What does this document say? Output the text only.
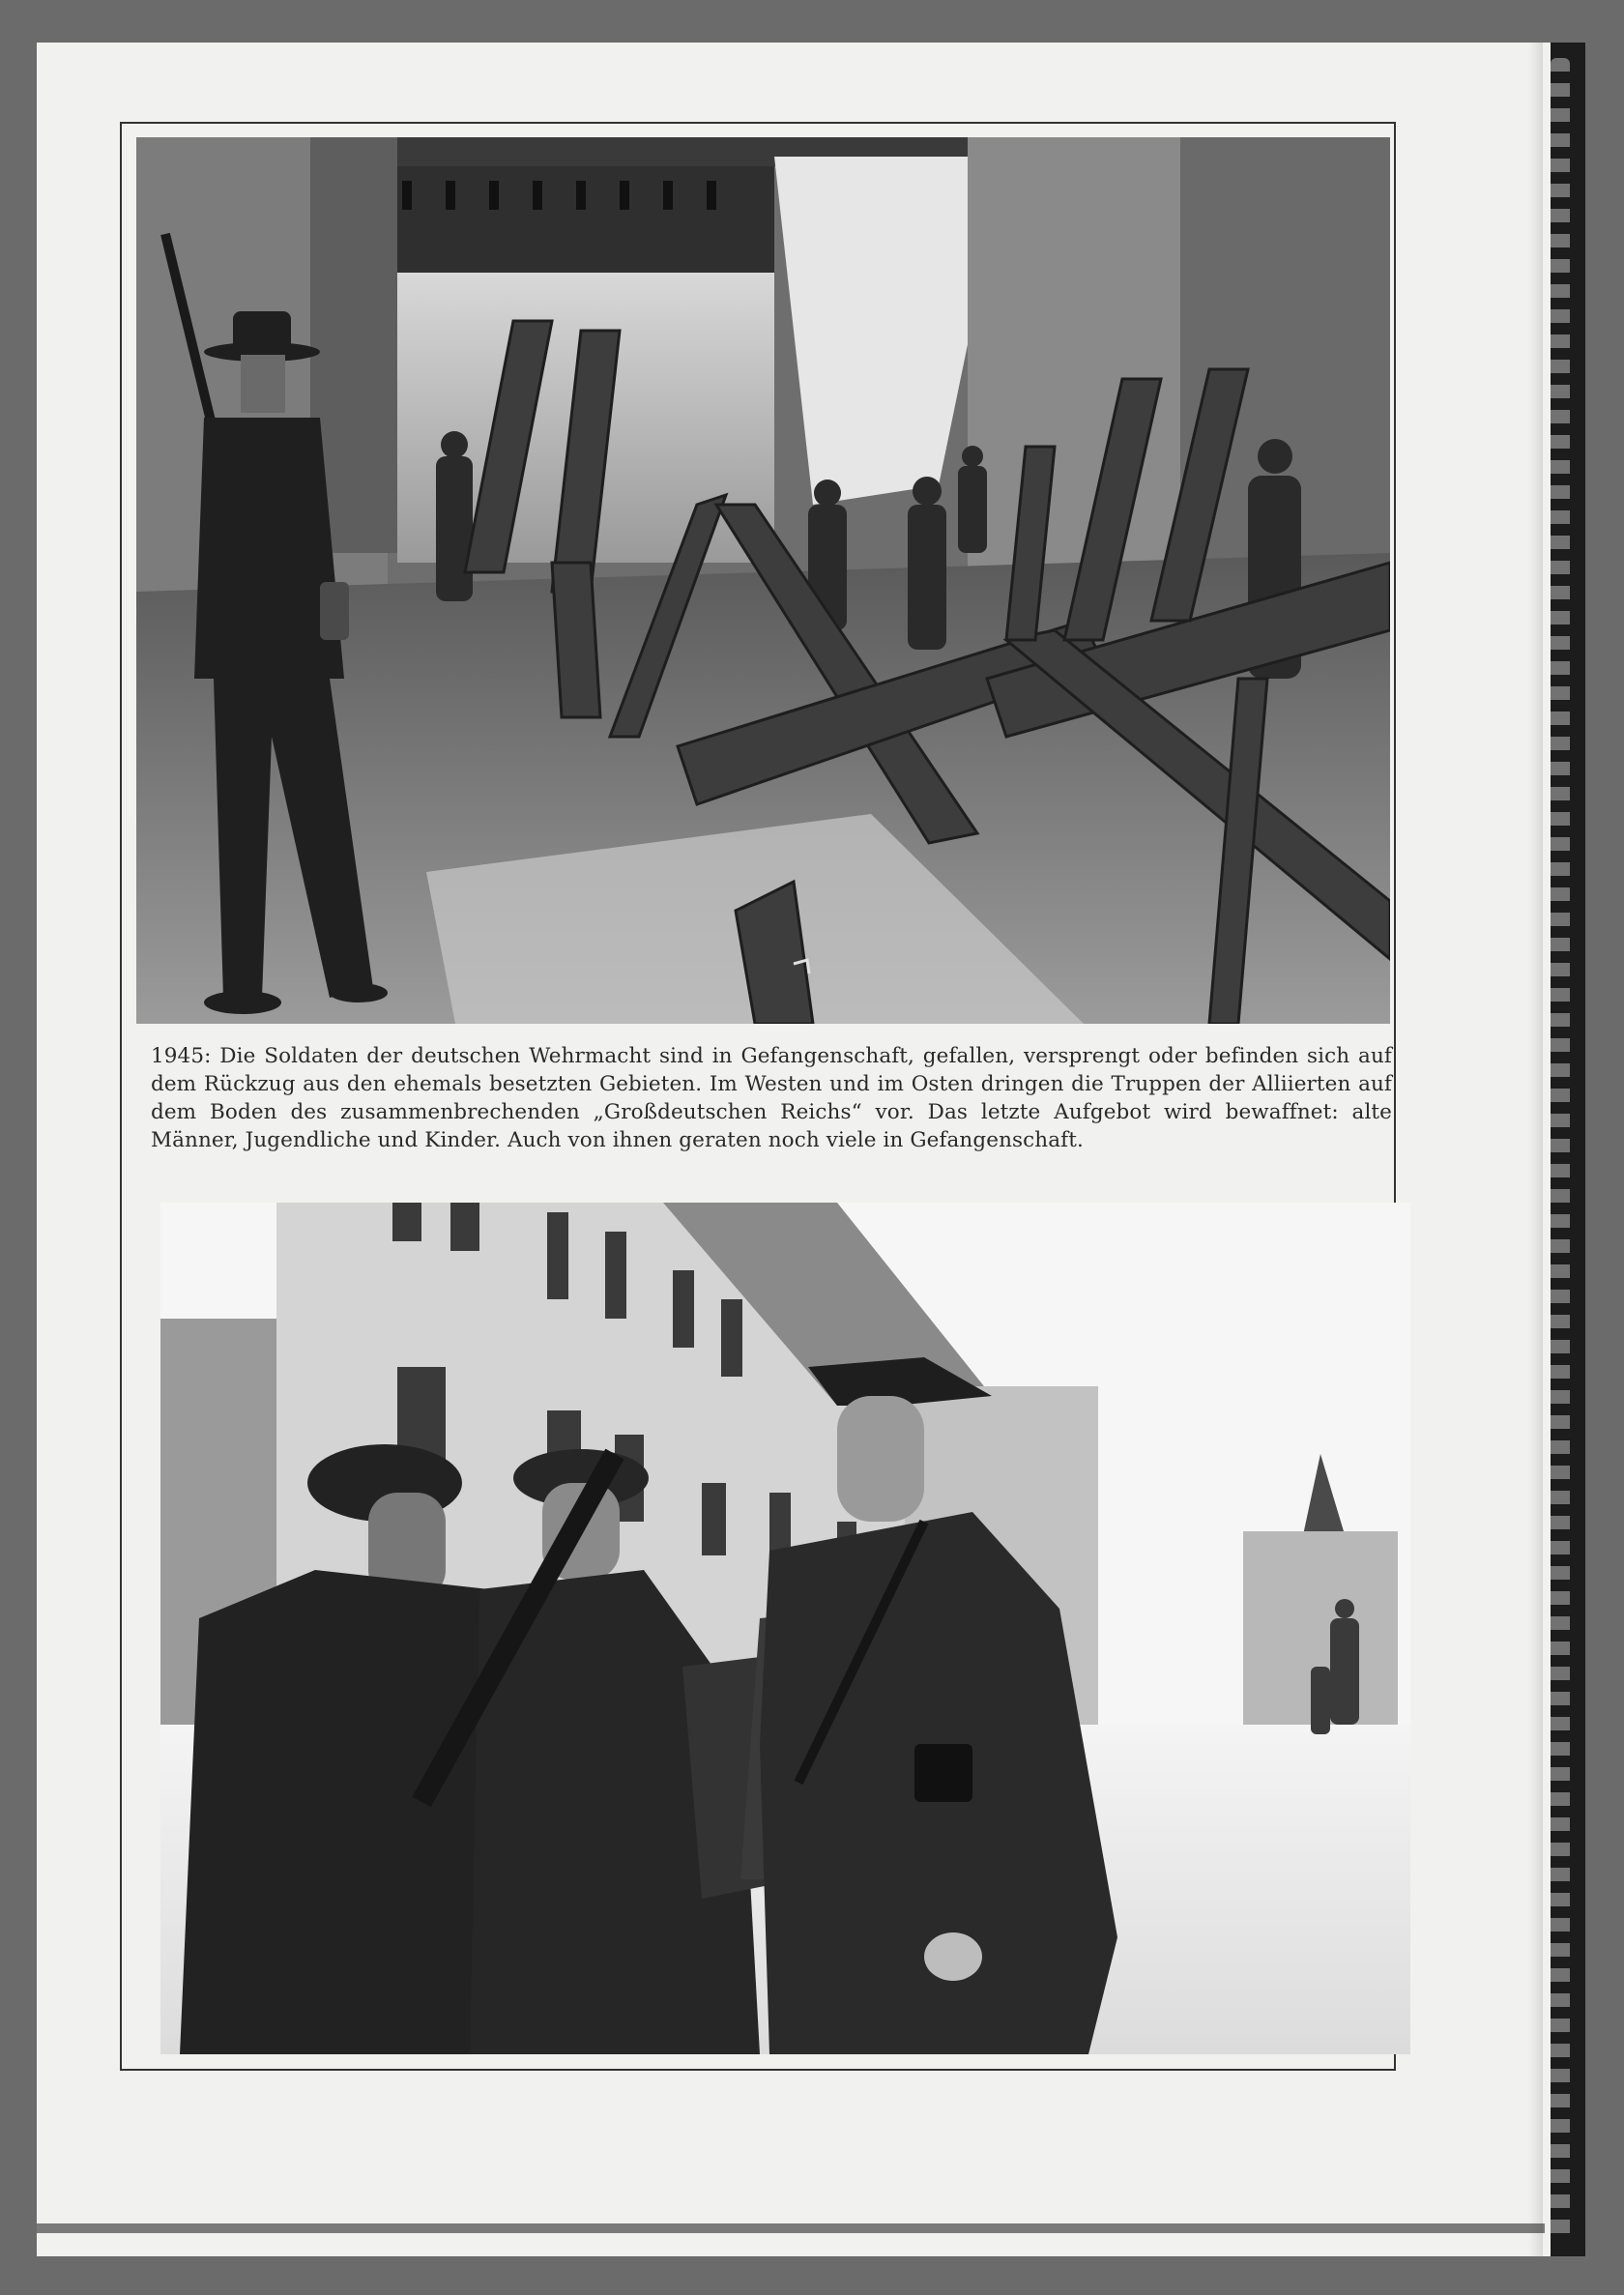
1945: Die Soldaten der deutschen Wehrmacht sind in Gefangenschaft, gefallen, versprengt oder befinden sich auf dem Rückzug aus den ehemals besetzten Gebieten. Im Westen und im Osten dringen die Truppen der Alliierten auf dem Boden des zusammenbrechenden „Großdeutschen Reichs“ vor. Das letzte Aufgebot wird bewaffnet: alte Männer, Jugendliche und Kinder. Auch von ihnen geraten noch viele in Gefangenschaft.
